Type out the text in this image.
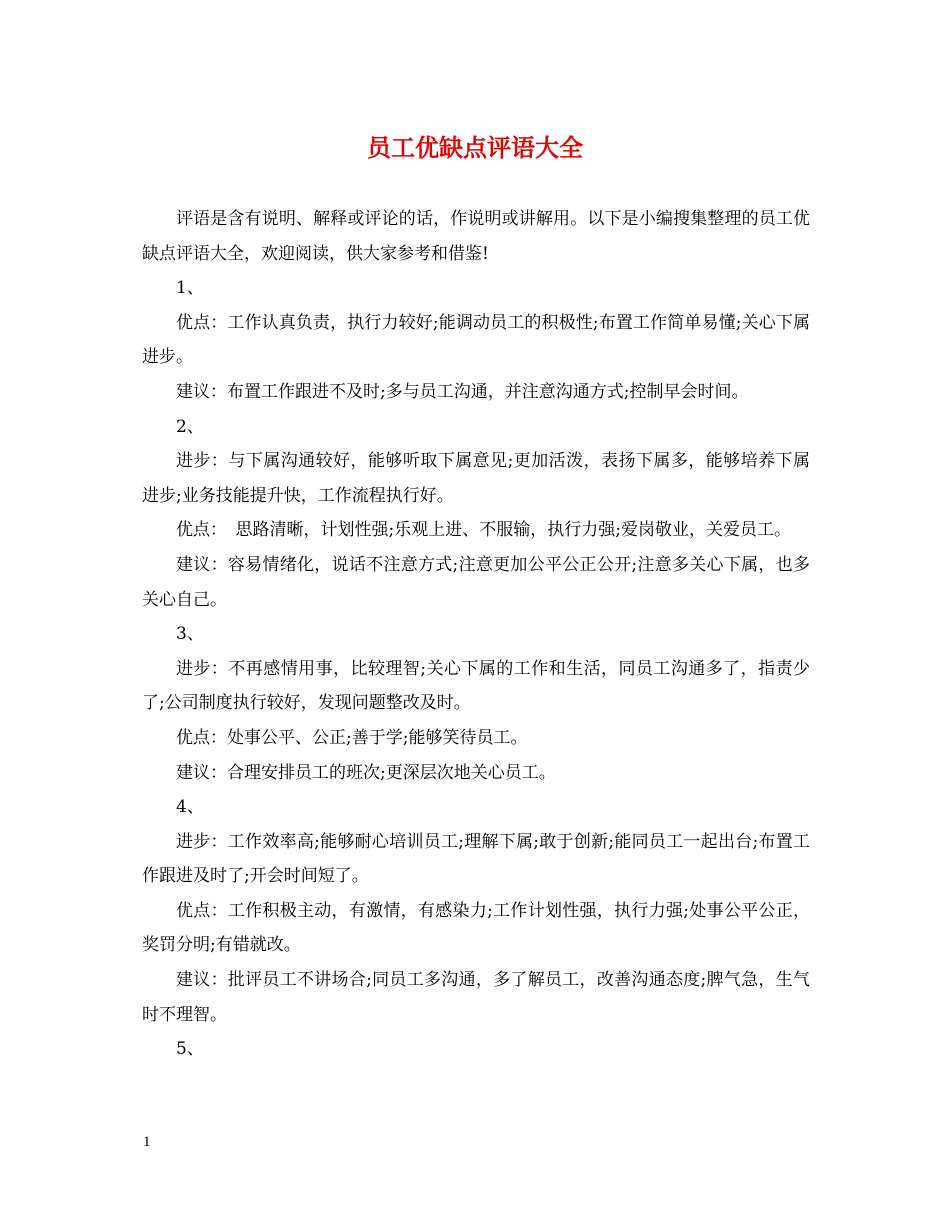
员工优缺点评语大全

评语是含有说明、解释或评论的话，作说明或讲解用。以下是小编搜集整理的员工优缺点评语大全，欢迎阅读，供大家参考和借鉴!

1、

优点：工作认真负责，执行力较好;能调动员工的积极性;布置工作简单易懂;关心下属进步。

建议：布置工作跟进不及时;多与员工沟通，并注意沟通方式;控制早会时间。

2、

进步：与下属沟通较好，能够听取下属意见;更加活泼，表扬下属多，能够培养下属进步;业务技能提升快，工作流程执行好。

优点：　思路清晰，计划性强;乐观上进、不服输，执行力强;爱岗敬业，关爱员工。

建议：容易情绪化，说话不注意方式;注意更加公平公正公开;注意多关心下属，也多关心自己。

3、

进步：不再感情用事，比较理智;关心下属的工作和生活，同员工沟通多了，指责少了;公司制度执行较好，发现问题整改及时。

优点：处事公平、公正;善于学;能够笑待员工。

建议：合理安排员工的班次;更深层次地关心员工。

4、

进步：工作效率高;能够耐心培训员工;理解下属;敢于创新;能同员工一起出台;布置工作跟进及时了;开会时间短了。

优点：工作积极主动，有激情，有感染力;工作计划性强，执行力强;处事公平公正，奖罚分明;有错就改。

建议：批评员工不讲场合;同员工多沟通，多了解员工，改善沟通态度;脾气急，生气时不理智。

5、

1
